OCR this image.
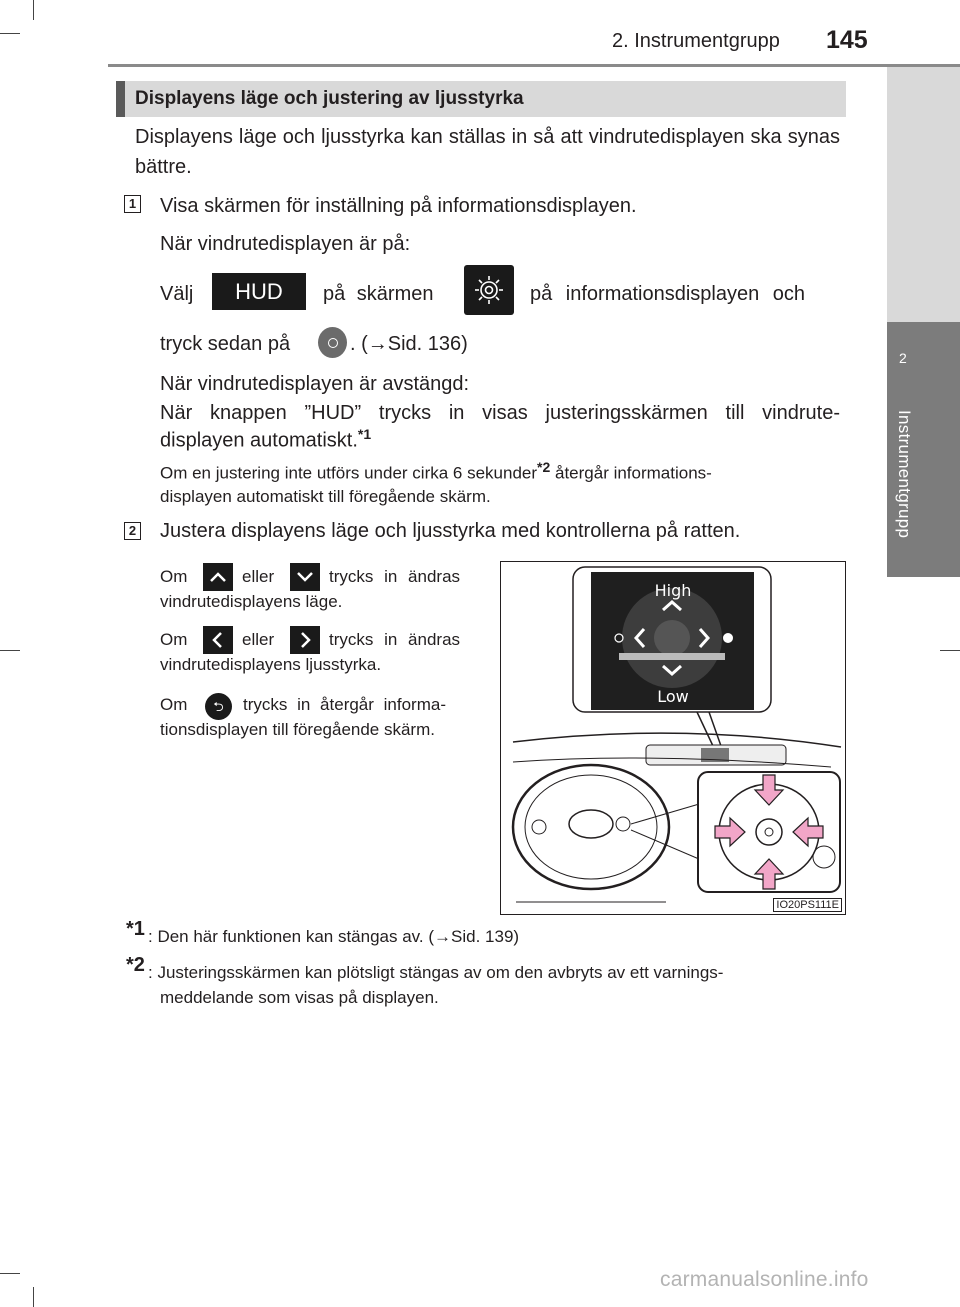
2. Instrumentgrupp 145
2
Instrumentgrupp
Displayens läge och justering av ljusstyrka
Displayens läge och ljusstyrka kan ställas in så att vindrutedisplayen ska synas bättre.
1 Visa skärmen för inställning på informationsdisplayen.
När vindrutedisplayen är på:
Välj	HUD	på skärmen	på informationsdisplayen och
tryck sedan på	. (→Sid. 136)
När vindrutedisplayen är avstängd:
När knappen ”HUD” trycks in visas justeringsskärmen till vindrute-
displayen automatiskt.$^{*1}$
Om en justering inte utförs under cirka 6 sekunder$^{*2}$ återgår informations-
displayen automatiskt till föregående skärm.
2 Justera displayens läge och ljusstyrka med kontrollerna på ratten.
Om	eller	trycks in ändras
vindrutedisplayens läge.
Om	eller	trycks in ändras
vindrutedisplayens ljusstyrka.
Om	⮌	trycks in återgår informa-
tionsdisplayen till föregående skärm.
High
Low
IO20PS111E
*1 : Den här funktionen kan stängas av. (→Sid. 139)
*2 : Justeringsskärmen kan plötsligt stängas av om den avbryts av ett varnings-
meddelande som visas på displayen.
carmanualsonline.info
